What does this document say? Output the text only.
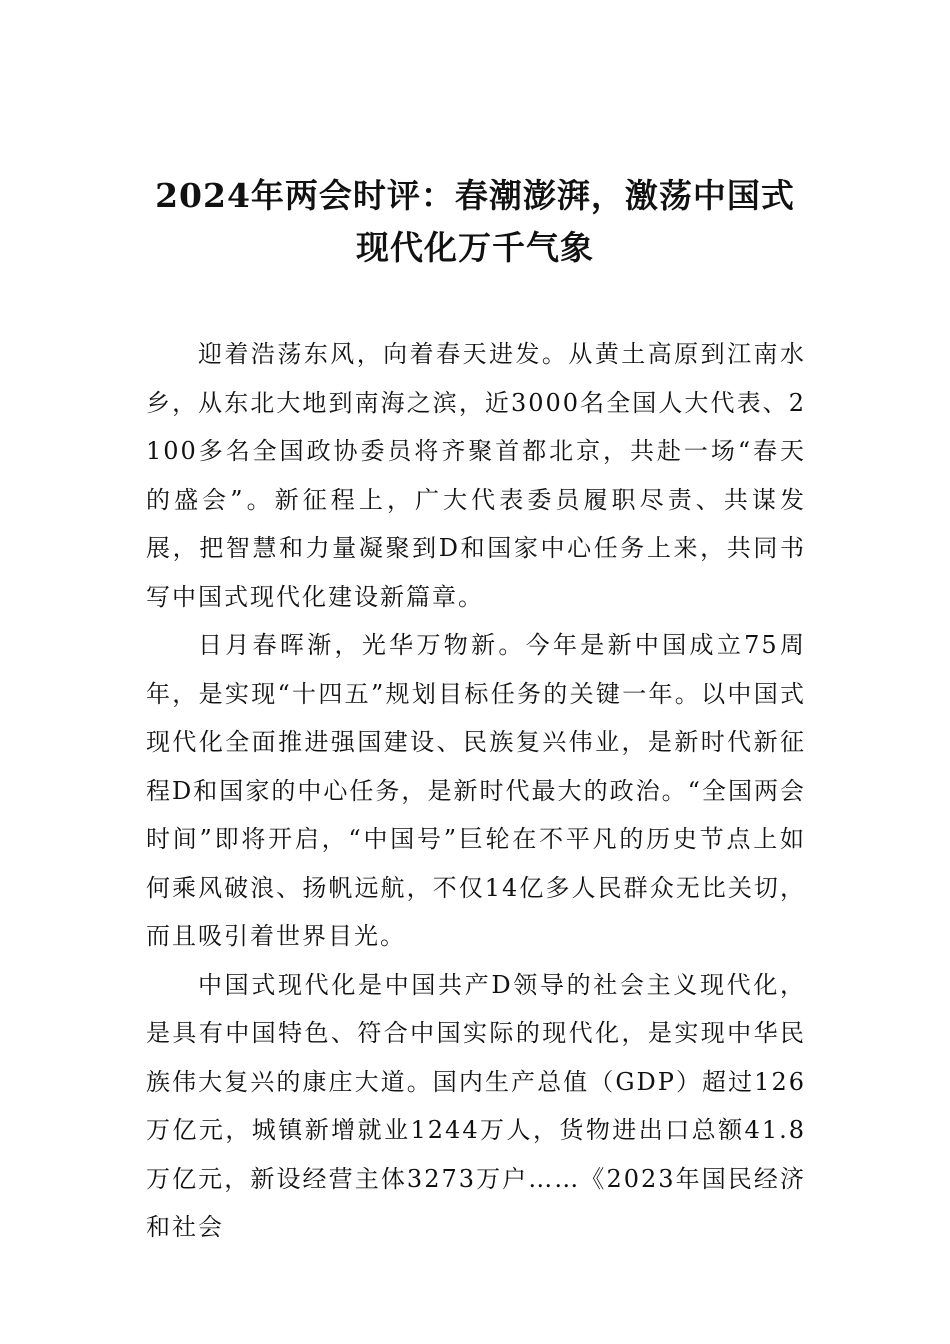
2024年两会时评：春潮澎湃，激荡中国式现代化万千气象

迎着浩荡东风，向着春天进发。从黄土高原到江南水乡，从东北大地到南海之滨，近3000名全国人大代表、2100多名全国政协委员将齐聚首都北京，共赴一场“春天的盛会”。新征程上，广大代表委员履职尽责、共谋发展，把智慧和力量凝聚到D和国家中心任务上来，共同书写中国式现代化建设新篇章。

日月春晖渐，光华万物新。今年是新中国成立75周年，是实现“十四五”规划目标任务的关键一年。以中国式现代化全面推进强国建设、民族复兴伟业，是新时代新征程D和国家的中心任务，是新时代最大的政治。“全国两会时间”即将开启，“中国号”巨轮在不平凡的历史节点上如何乘风破浪、扬帆远航，不仅14亿多人民群众无比关切，而且吸引着世界目光。

中国式现代化是中国共产D领导的社会主义现代化，是具有中国特色、符合中国实际的现代化，是实现中华民族伟大复兴的康庄大道。国内生产总值（GDP）超过126万亿元，城镇新增就业1244万人，货物进出口总额41.8万亿元，新设经营主体3273万户……《2023年国民经济和社会
